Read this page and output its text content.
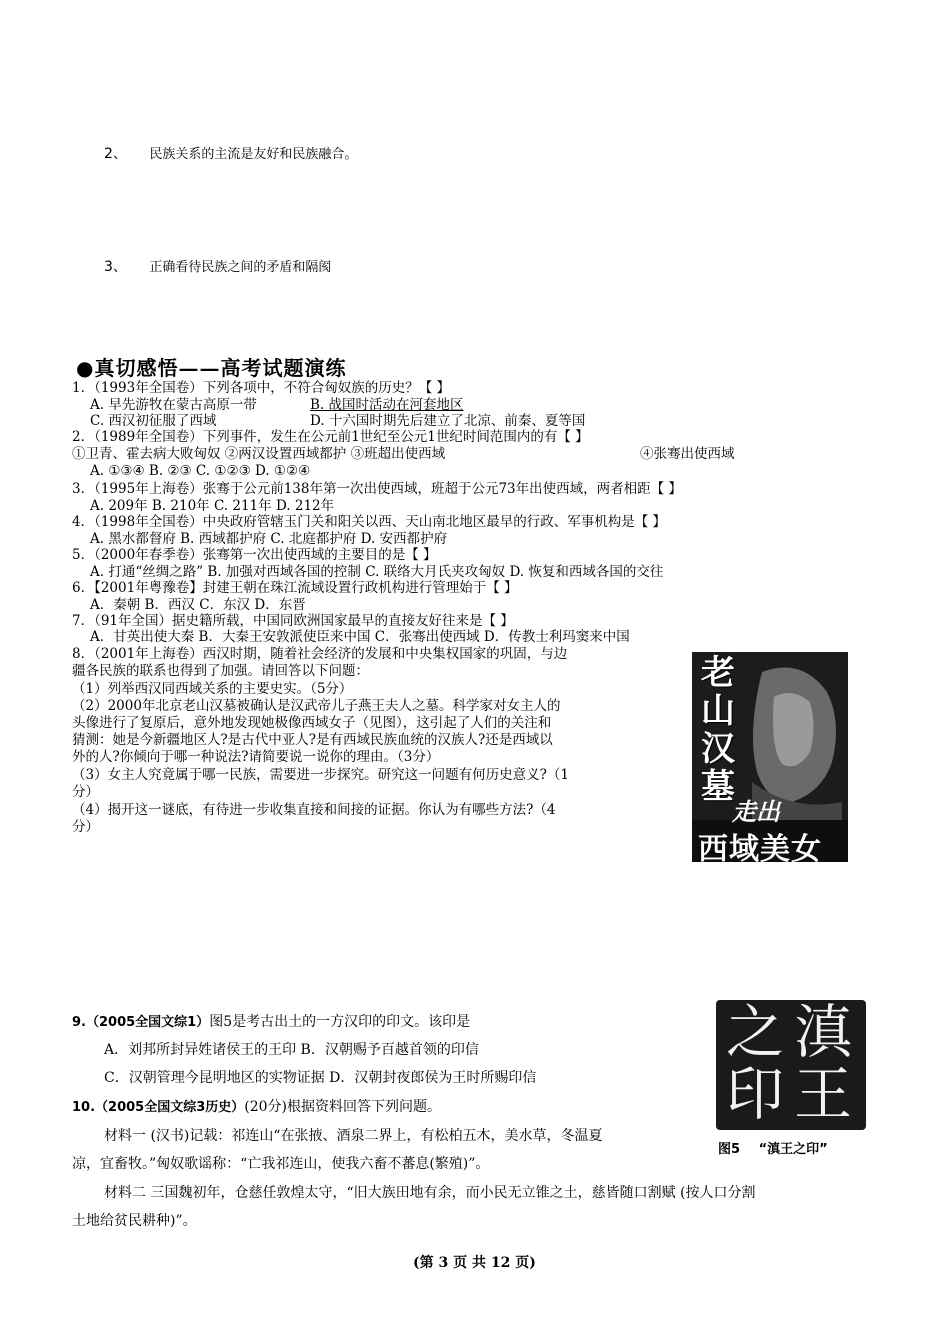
2、 民族关系的主流是友好和民族融合。
3、 正确看待民族之间的矛盾和隔阂
●真切感悟——高考试题演练
1．（1993年全国卷）下列各项中，不符合匈奴族的历史？【 】
A. 早先游牧在蒙古高原一带	B. 战国时活动在河套地区
C. 西汉初征服了西域	D. 十六国时期先后建立了北凉、前秦、夏等国
2．（1989年全国卷）下列事件，发生在公元前1世纪至公元1世纪时间范围内的有【 】
①卫青、霍去病大败匈奴 ②两汉设置西域都护 ③班超出使西域	④张骞出使西域
A. ①③④ B. ②③ C. ①②③ D. ①②④
3．（1995年上海卷）张骞于公元前138年第一次出使西域，班超于公元73年出使西域，两者相距【 】
A. 209年 B. 210年 C. 211年 D. 212年
4．（1998年全国卷）中央政府管辖玉门关和阳关以西、天山南北地区最早的行政、军事机构是【 】
A. 黑水都督府 B. 西域都护府 C. 北庭都护府 D. 安西都护府
5．（2000年春季卷）张骞第一次出使西域的主要目的是【 】
A. 打通“丝绸之路” B. 加强对西域各国的控制 C. 联络大月氏夹攻匈奴 D. 恢复和西域各国的交往
6．【2001年粤豫卷】封建王朝在珠江流域设置行政机构进行管理始于【 】
A．秦朝 B．西汉 C．东汉 D．东晋
7．（91年全国）据史籍所载，中国同欧洲国家最早的直接友好往来是【 】
A．甘英出使大秦 B．大秦王安敦派使臣来中国 C．张骞出使西域 D．传教士利玛窦来中国
8．（2001年上海卷）西汉时期，随着社会经济的发展和中央集权国家的巩固，与边
疆各民族的联系也得到了加强。请回答以下问题：
（1）列举西汉同西域关系的主要史实。（5分）
（2）2000年北京老山汉墓被确认是汉武帝儿子燕王夫人之墓。科学家对女主人的
头像进行了复原后，意外地发现她极像西域女子（见图），这引起了人们的关注和
猜测：她是今新疆地区人?是古代中亚人?是有西域民族血统的汉族人?还是西域以
外的人?你倾向于哪一种说法?请简要说一说你的理由。（3分）
（3）女主人究竟属于哪一民族，需要进一步探究。研究这一问题有何历史意义?（1
分）
（4）揭开这一谜底，有待进一步收集直接和间接的证据。你认为有哪些方法?（4
分）
老
山
汉
墓
走出
西域美女
滇
王
之
印
图5 “滇王之印”
9.（2005全国文综1）图5是考古出土的一方汉印的印文。该印是
A．刘邦所封异姓诸侯王的王印 B．汉朝赐予百越首领的印信
C．汉朝管理今昆明地区的实物证据 D．汉朝封夜郎侯为王时所赐印信
10.（2005全国文综3历史）(20分)根据资料回答下列问题。
材料一 (汉书)记载：祁连山“在张掖、酒泉二界上，有松柏五木，美水草，冬温夏
凉，宜畜牧。”匈奴歌谣称：“亡我祁连山，使我六畜不蕃息(繁殖)”。
材料二 三国魏初年，仓慈任敦煌太守，“旧大族田地有余，而小民无立锥之土，慈皆随口割赋 (按人口分割
土地给贫民耕种)”。
(第 3 页 共 12 页)
